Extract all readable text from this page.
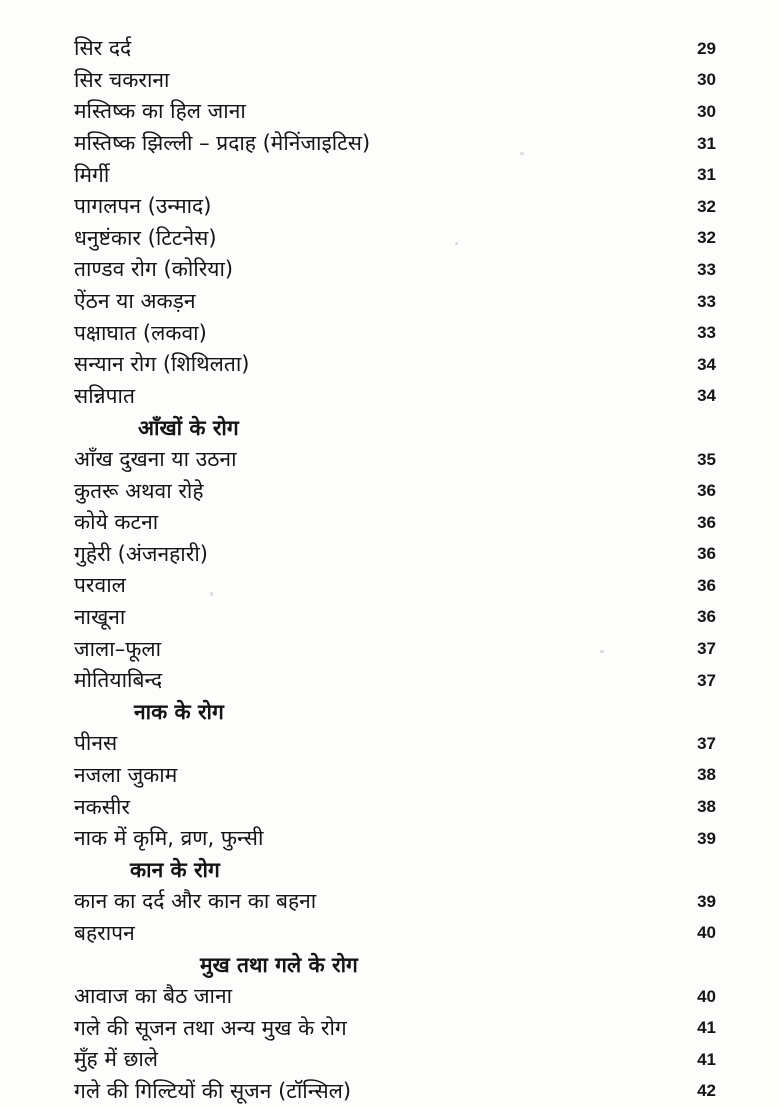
सिर दर्द	29
सिर चकराना	30
मस्तिष्क का हिल जाना	30
मस्तिष्क झिल्ली – प्रदाह (मेनिंजाइटिस)	31
मिर्गी	31
पागलपन (उन्माद)	32
धनुष्टंकार (टिटनेस)	32
ताण्डव रोग (कोरिया)	33
ऐंठन या अकड़न	33
पक्षाघात (लकवा)	33
सन्यान रोग (शिथिलता)	34
सन्निपात	34
आँखों के रोग
आँख दुखना या उठना	35
कुतरू अथवा रोहे	36
कोये कटना	36
गुहेरी (अंजनहारी)	36
परवाल	36
नाखूना	36
जाला–फूला	37
मोतियाबिन्द	37
नाक के रोग
पीनस	37
नजला जुकाम	38
नकसीर	38
नाक में कृमि, व्रण, फुन्सी	39
कान के रोग
कान का दर्द और कान का बहना	39
बहरापन	40
मुख तथा गले के रोग
आवाज का बैठ जाना	40
गले की सूजन तथा अन्य मुख के रोग	41
मुँह में छाले	41
गले की गिल्टियों की सूजन (टॉन्सिल)	42
